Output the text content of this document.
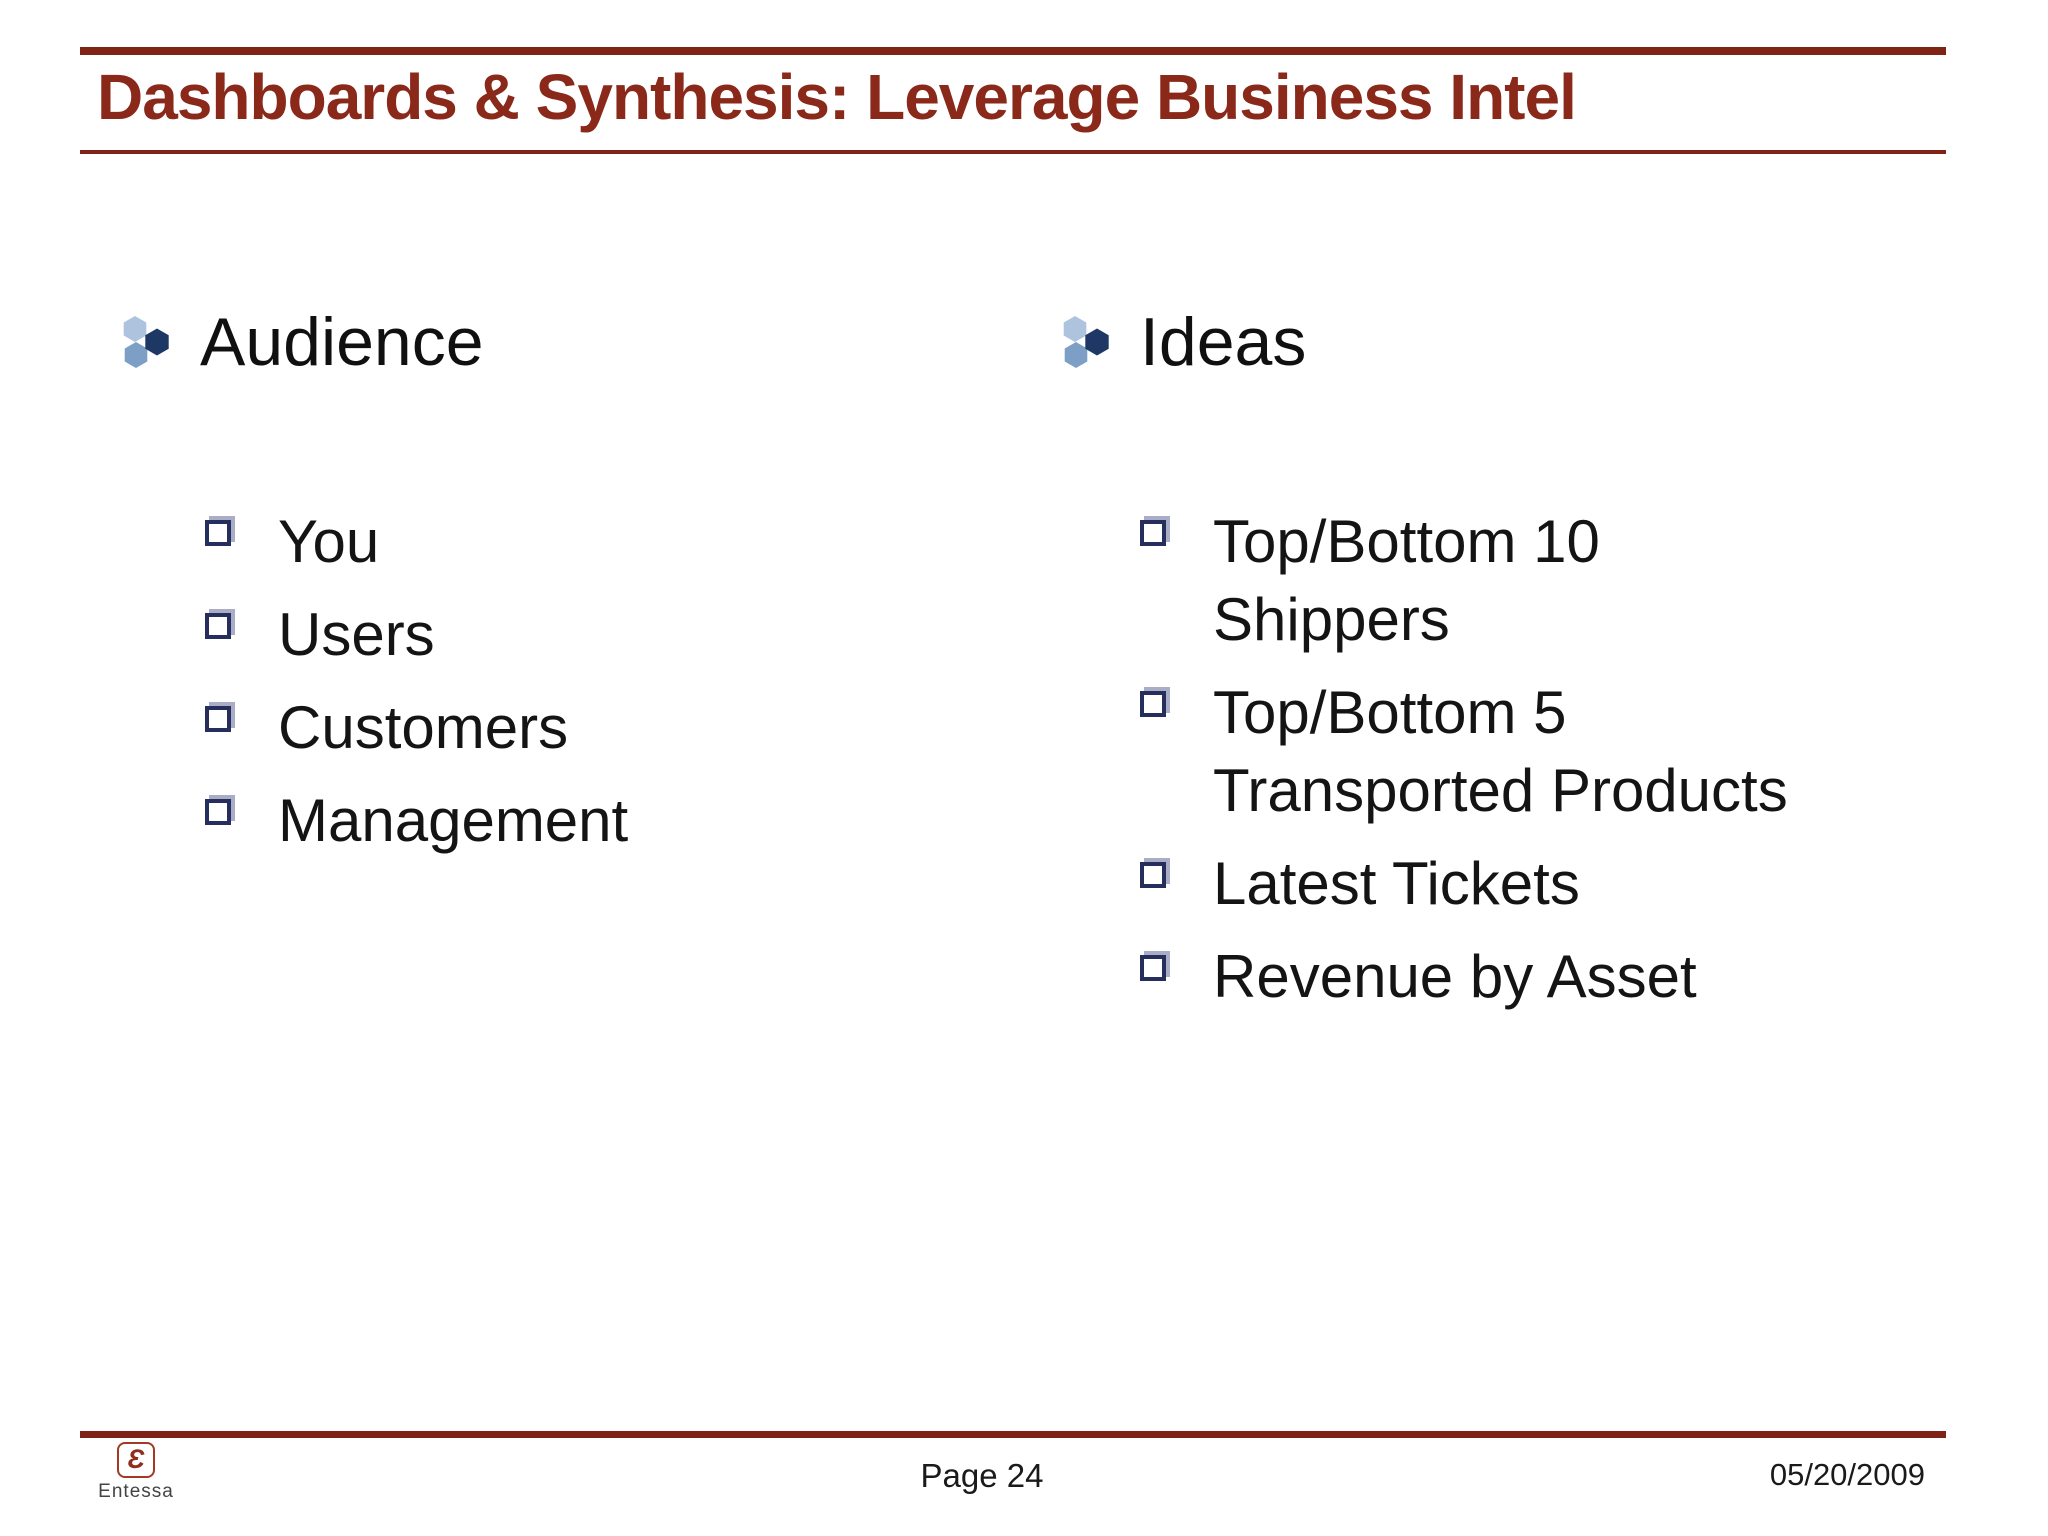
Dashboards & Synthesis: Leverage Business Intel
Audience
You
Users
Customers
Management
Ideas
Top/Bottom 10 Shippers
Top/Bottom 5 Transported Products
Latest Tickets
Revenue by Asset
Ɛ
Entessa	Page 24	05/20/2009
